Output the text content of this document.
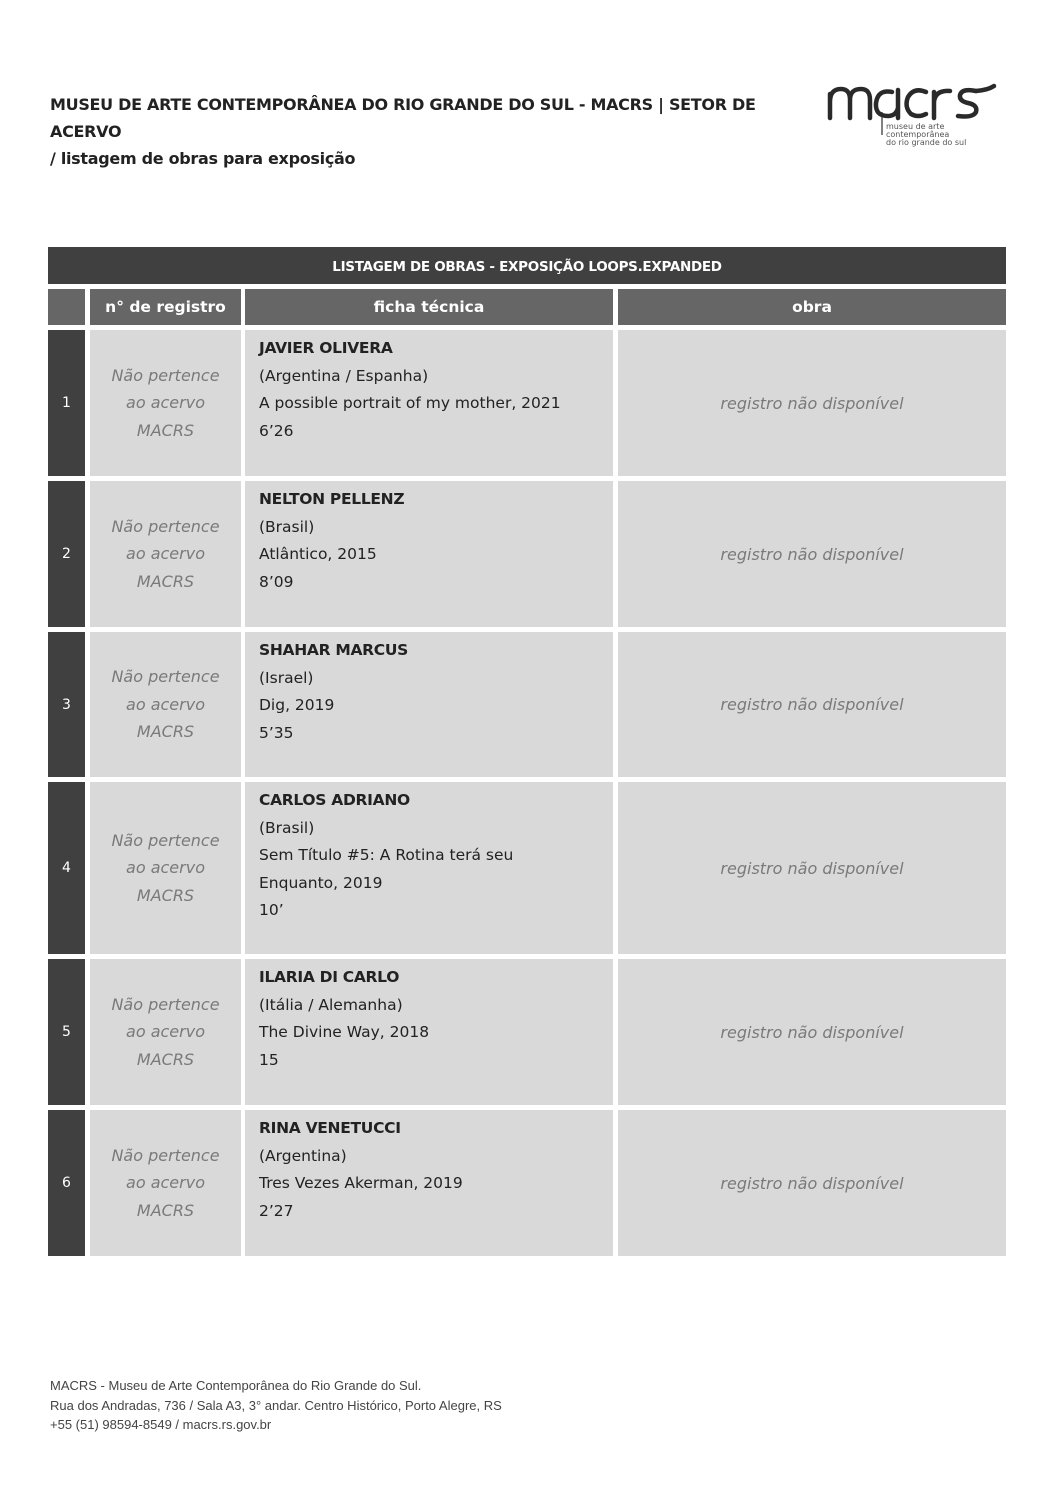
MUSEU DE ARTE CONTEMPORÂNEA DO RIO GRANDE DO SUL - MACRS | SETOR DE ACERVO
/ listagem de obras para exposição
museu de arte contemporânea
do rio grande do sul
LISTAGEM DE OBRAS - EXPOSIÇÃO LOOPS.EXPANDED
n° de registro	ficha técnica	obra
1
Não pertence
ao acervo
MACRS
JAVIER OLIVERA
(Argentina / Espanha)
A possible portrait of my mother, 2021
6’26
registro não disponível
2
Não pertence
ao acervo
MACRS
NELTON PELLENZ
(Brasil)
Atlântico, 2015
8’09
registro não disponível
3
Não pertence
ao acervo
MACRS
SHAHAR MARCUS
(Israel)
Dig, 2019
5’35
registro não disponível
4
Não pertence
ao acervo
MACRS
CARLOS ADRIANO
(Brasil)
Sem Título #5: A Rotina terá seu
Enquanto, 2019
10’
registro não disponível
5
Não pertence
ao acervo
MACRS
ILARIA DI CARLO
(Itália / Alemanha)
The Divine Way, 2018
15
registro não disponível
6
Não pertence
ao acervo
MACRS
RINA VENETUCCI
(Argentina)
Tres Vezes Akerman, 2019
2’27
registro não disponível
MACRS - Museu de Arte Contemporânea do Rio Grande do Sul.
Rua dos Andradas, 736 / Sala A3, 3° andar. Centro Histórico, Porto Alegre, RS
+55 (51) 98594-8549 / macrs.rs.gov.br
